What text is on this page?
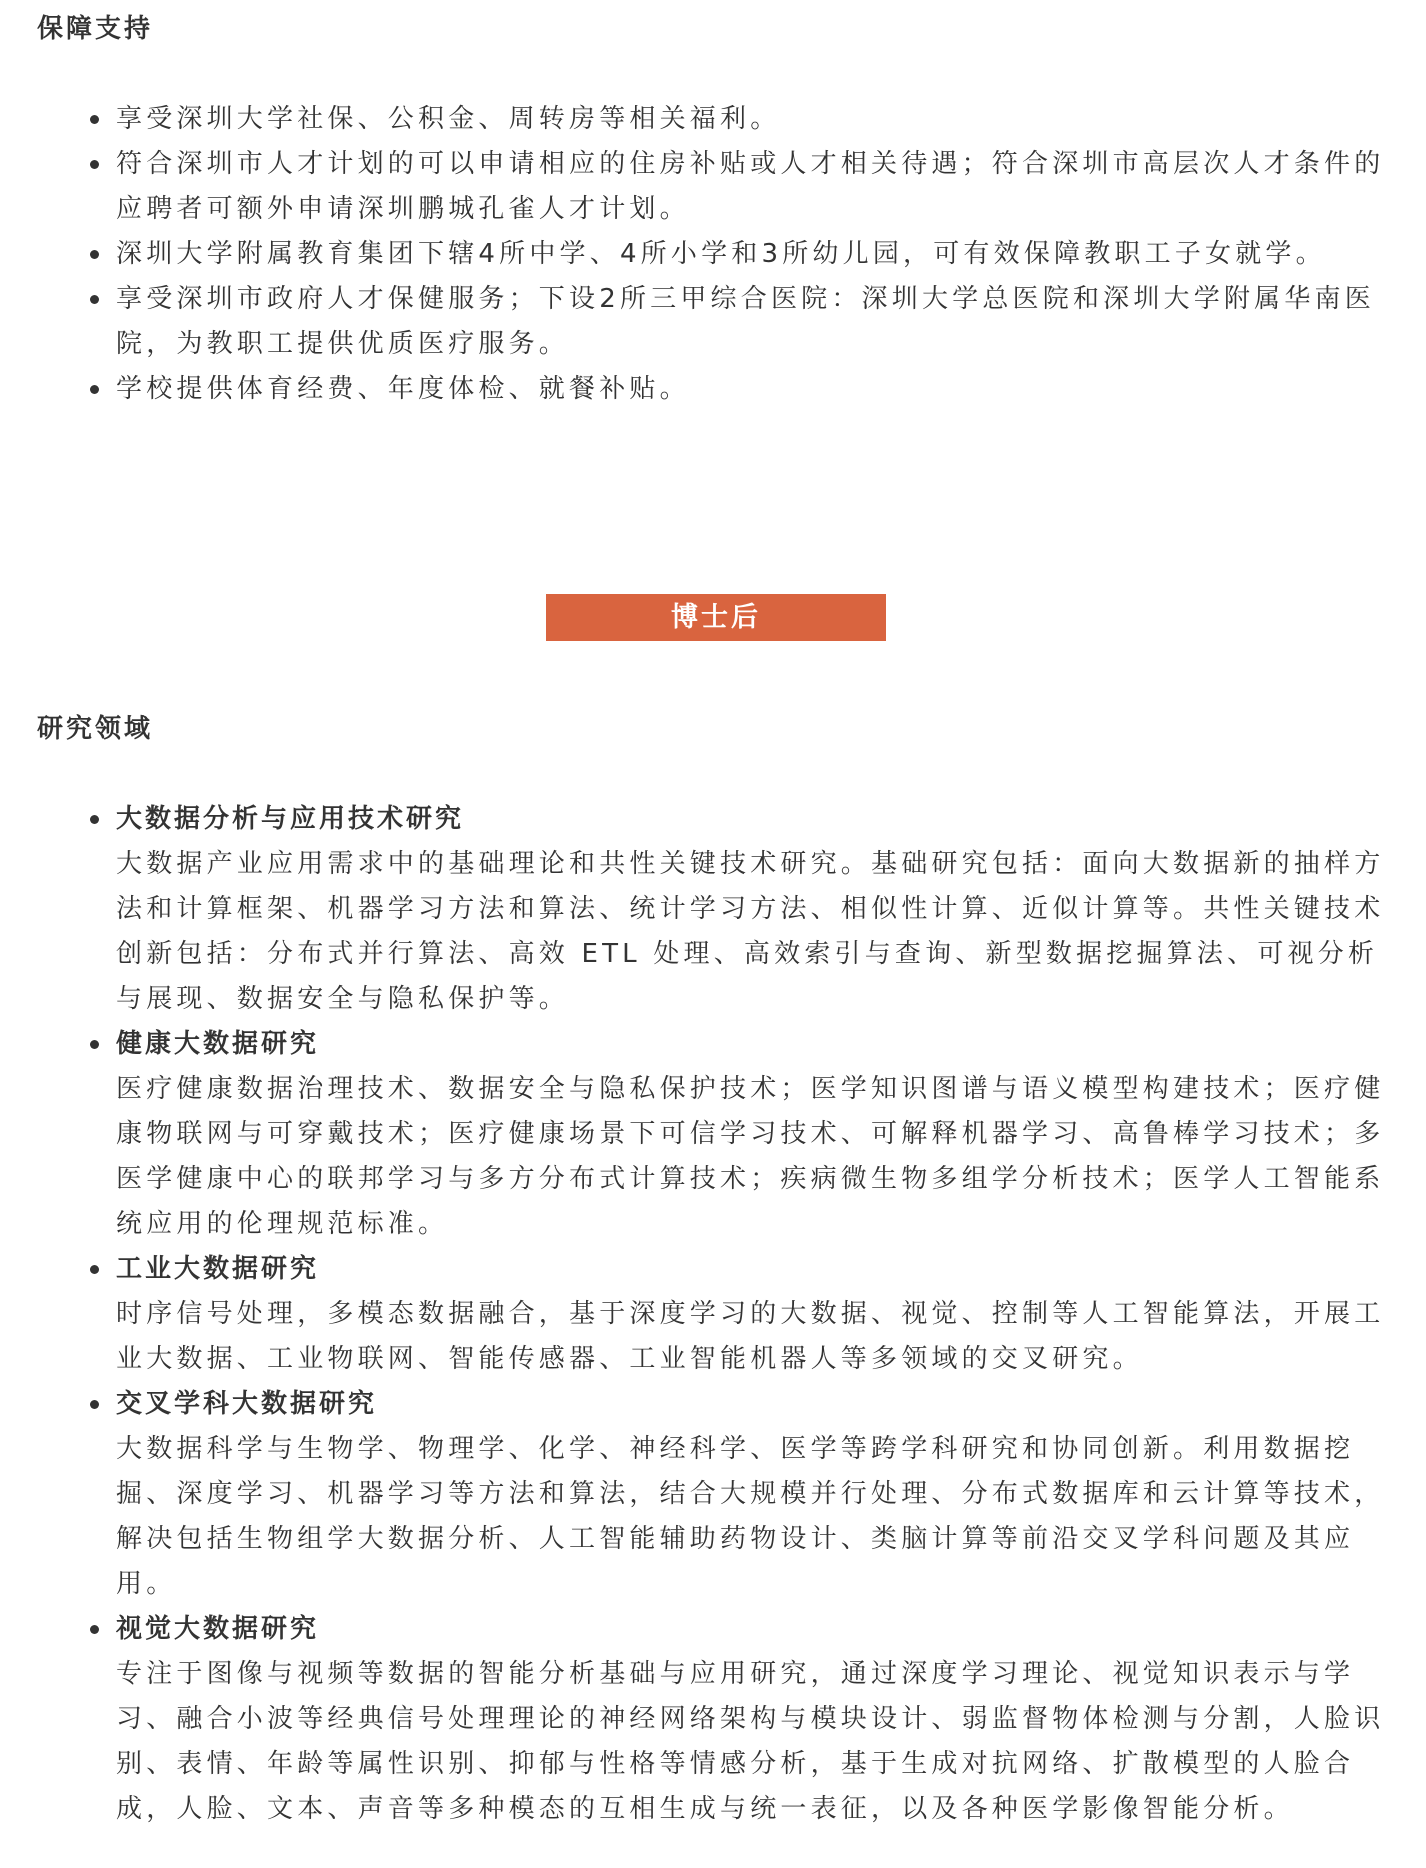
保障支持
享受深圳大学社保、公积金、周转房等相关福利。
符合深圳市人才计划的可以申请相应的住房补贴或人才相关待遇；符合深圳市高层次人才条件的应聘者可额外申请深圳鹏城孔雀人才计划。
深圳大学附属教育集团下辖4所中学、4所小学和3所幼儿园，可有效保障教职工子女就学。
享受深圳市政府人才保健服务；下设2所三甲综合医院：深圳大学总医院和深圳大学附属华南医院，为教职工提供优质医疗服务。
学校提供体育经费、年度体检、就餐补贴。
博士后
研究领域
大数据分析与应用技术研究
大数据产业应用需求中的基础理论和共性关键技术研究。基础研究包括：面向大数据新的抽样方法和计算框架、机器学习方法和算法、统计学习方法、相似性计算、近似计算等。共性关键技术创新包括：分布式并行算法、高效 ETL 处理、高效索引与查询、新型数据挖掘算法、可视分析与展现、数据安全与隐私保护等。
健康大数据研究
医疗健康数据治理技术、数据安全与隐私保护技术；医学知识图谱与语义模型构建技术；医疗健康物联网与可穿戴技术；医疗健康场景下可信学习技术、可解释机器学习、高鲁棒学习技术；多医学健康中心的联邦学习与多方分布式计算技术；疾病微生物多组学分析技术；医学人工智能系统应用的伦理规范标准。
工业大数据研究
时序信号处理，多模态数据融合，基于深度学习的大数据、视觉、控制等人工智能算法，开展工业大数据、工业物联网、智能传感器、工业智能机器人等多领域的交叉研究。
交叉学科大数据研究
大数据科学与生物学、物理学、化学、神经科学、医学等跨学科研究和协同创新。利用数据挖掘、深度学习、机器学习等方法和算法，结合大规模并行处理、分布式数据库和云计算等技术，解决包括生物组学大数据分析、人工智能辅助药物设计、类脑计算等前沿交叉学科问题及其应用。
视觉大数据研究
专注于图像与视频等数据的智能分析基础与应用研究，通过深度学习理论、视觉知识表示与学习、融合小波等经典信号处理理论的神经网络架构与模块设计、弱监督物体检测与分割，人脸识别、表情、年龄等属性识别、抑郁与性格等情感分析，基于生成对抗网络、扩散模型的人脸合成，人脸、文本、声音等多种模态的互相生成与统一表征，以及各种医学影像智能分析。
